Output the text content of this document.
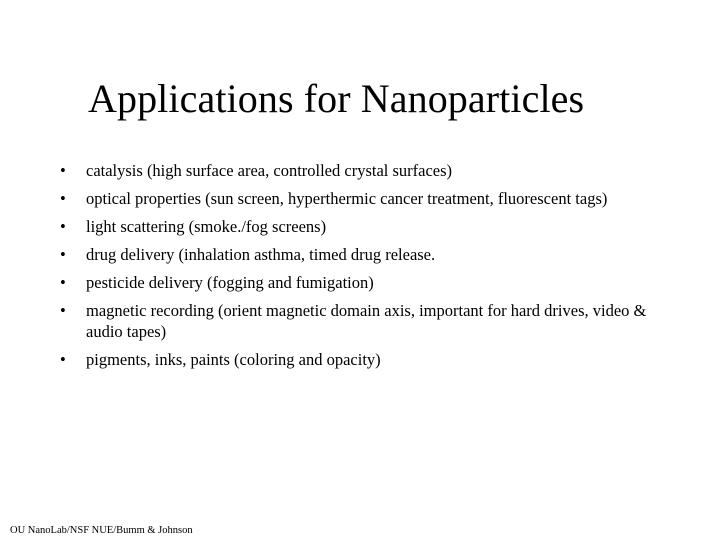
Applications for Nanoparticles
•	catalysis (high surface area, controlled crystal surfaces)
•	optical properties (sun screen, hyperthermic cancer treatment, fluorescent tags)
•	light scattering (smoke./fog screens)
•	drug delivery (inhalation asthma, timed drug release.
•	pesticide delivery (fogging and fumigation)
•	magnetic recording (orient magnetic domain axis, important for hard drives, video & audio tapes)
•	pigments, inks, paints (coloring and opacity)
OU NanoLab/NSF NUE/Bumm & Johnson
